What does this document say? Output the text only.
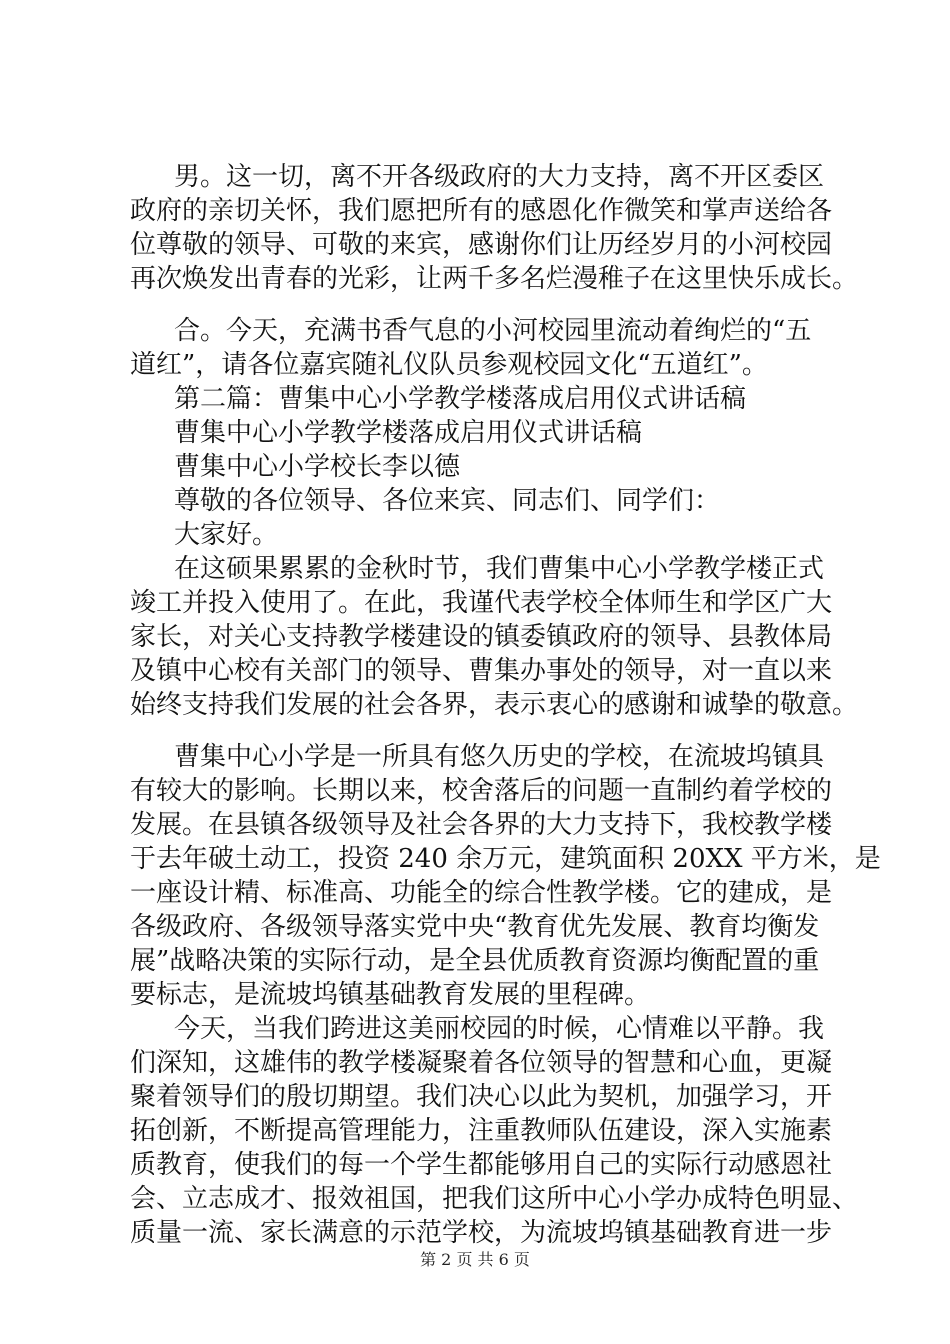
男。这一切，离不开各级政府的大力支持，离不开区委区
政府的亲切关怀，我们愿把所有的感恩化作微笑和掌声送给各
位尊敬的领导、可敬的来宾，感谢你们让历经岁月的小河校园
再次焕发出青春的光彩，让两千多名烂漫稚子在这里快乐成长。

合。今天，充满书香气息的小河校园里流动着绚烂的“五
道红”，请各位嘉宾随礼仪队员参观校园文化“五道红”。

第二篇：曹集中心小学教学楼落成启用仪式讲话稿

曹集中心小学教学楼落成启用仪式讲话稿

曹集中心小学校长李以德

尊敬的各位领导、各位来宾、同志们、同学们：

大家好。

在这硕果累累的金秋时节，我们曹集中心小学教学楼正式
竣工并投入使用了。在此，我谨代表学校全体师生和学区广大
家长，对关心支持教学楼建设的镇委镇政府的领导、县教体局
及镇中心校有关部门的领导、曹集办事处的领导，对一直以来
始终支持我们发展的社会各界，表示衷心的感谢和诚挚的敬意。

曹集中心小学是一所具有悠久历史的学校，在流坡坞镇具
有较大的影响。长期以来，校舍落后的问题一直制约着学校的
发展。在县镇各级领导及社会各界的大力支持下，我校教学楼
于去年破土动工，投资 240 余万元，建筑面积 20XX 平方米，是
一座设计精、标准高、功能全的综合性教学楼。它的建成，是
各级政府、各级领导落实党中央“教育优先发展、教育均衡发
展”战略决策的实际行动，是全县优质教育资源均衡配置的重
要标志，是流坡坞镇基础教育发展的里程碑。

今天，当我们跨进这美丽校园的时候，心情难以平静。我
们深知，这雄伟的教学楼凝聚着各位领导的智慧和心血，更凝
聚着领导们的殷切期望。我们决心以此为契机，加强学习，开
拓创新，不断提高管理能力，注重教师队伍建设，深入实施素
质教育，使我们的每一个学生都能够用自己的实际行动感恩社
会、立志成才、报效祖国，把我们这所中心小学办成特色明显、
质量一流、家长满意的示范学校，为流坡坞镇基础教育进一步

第 2 页 共 6 页
